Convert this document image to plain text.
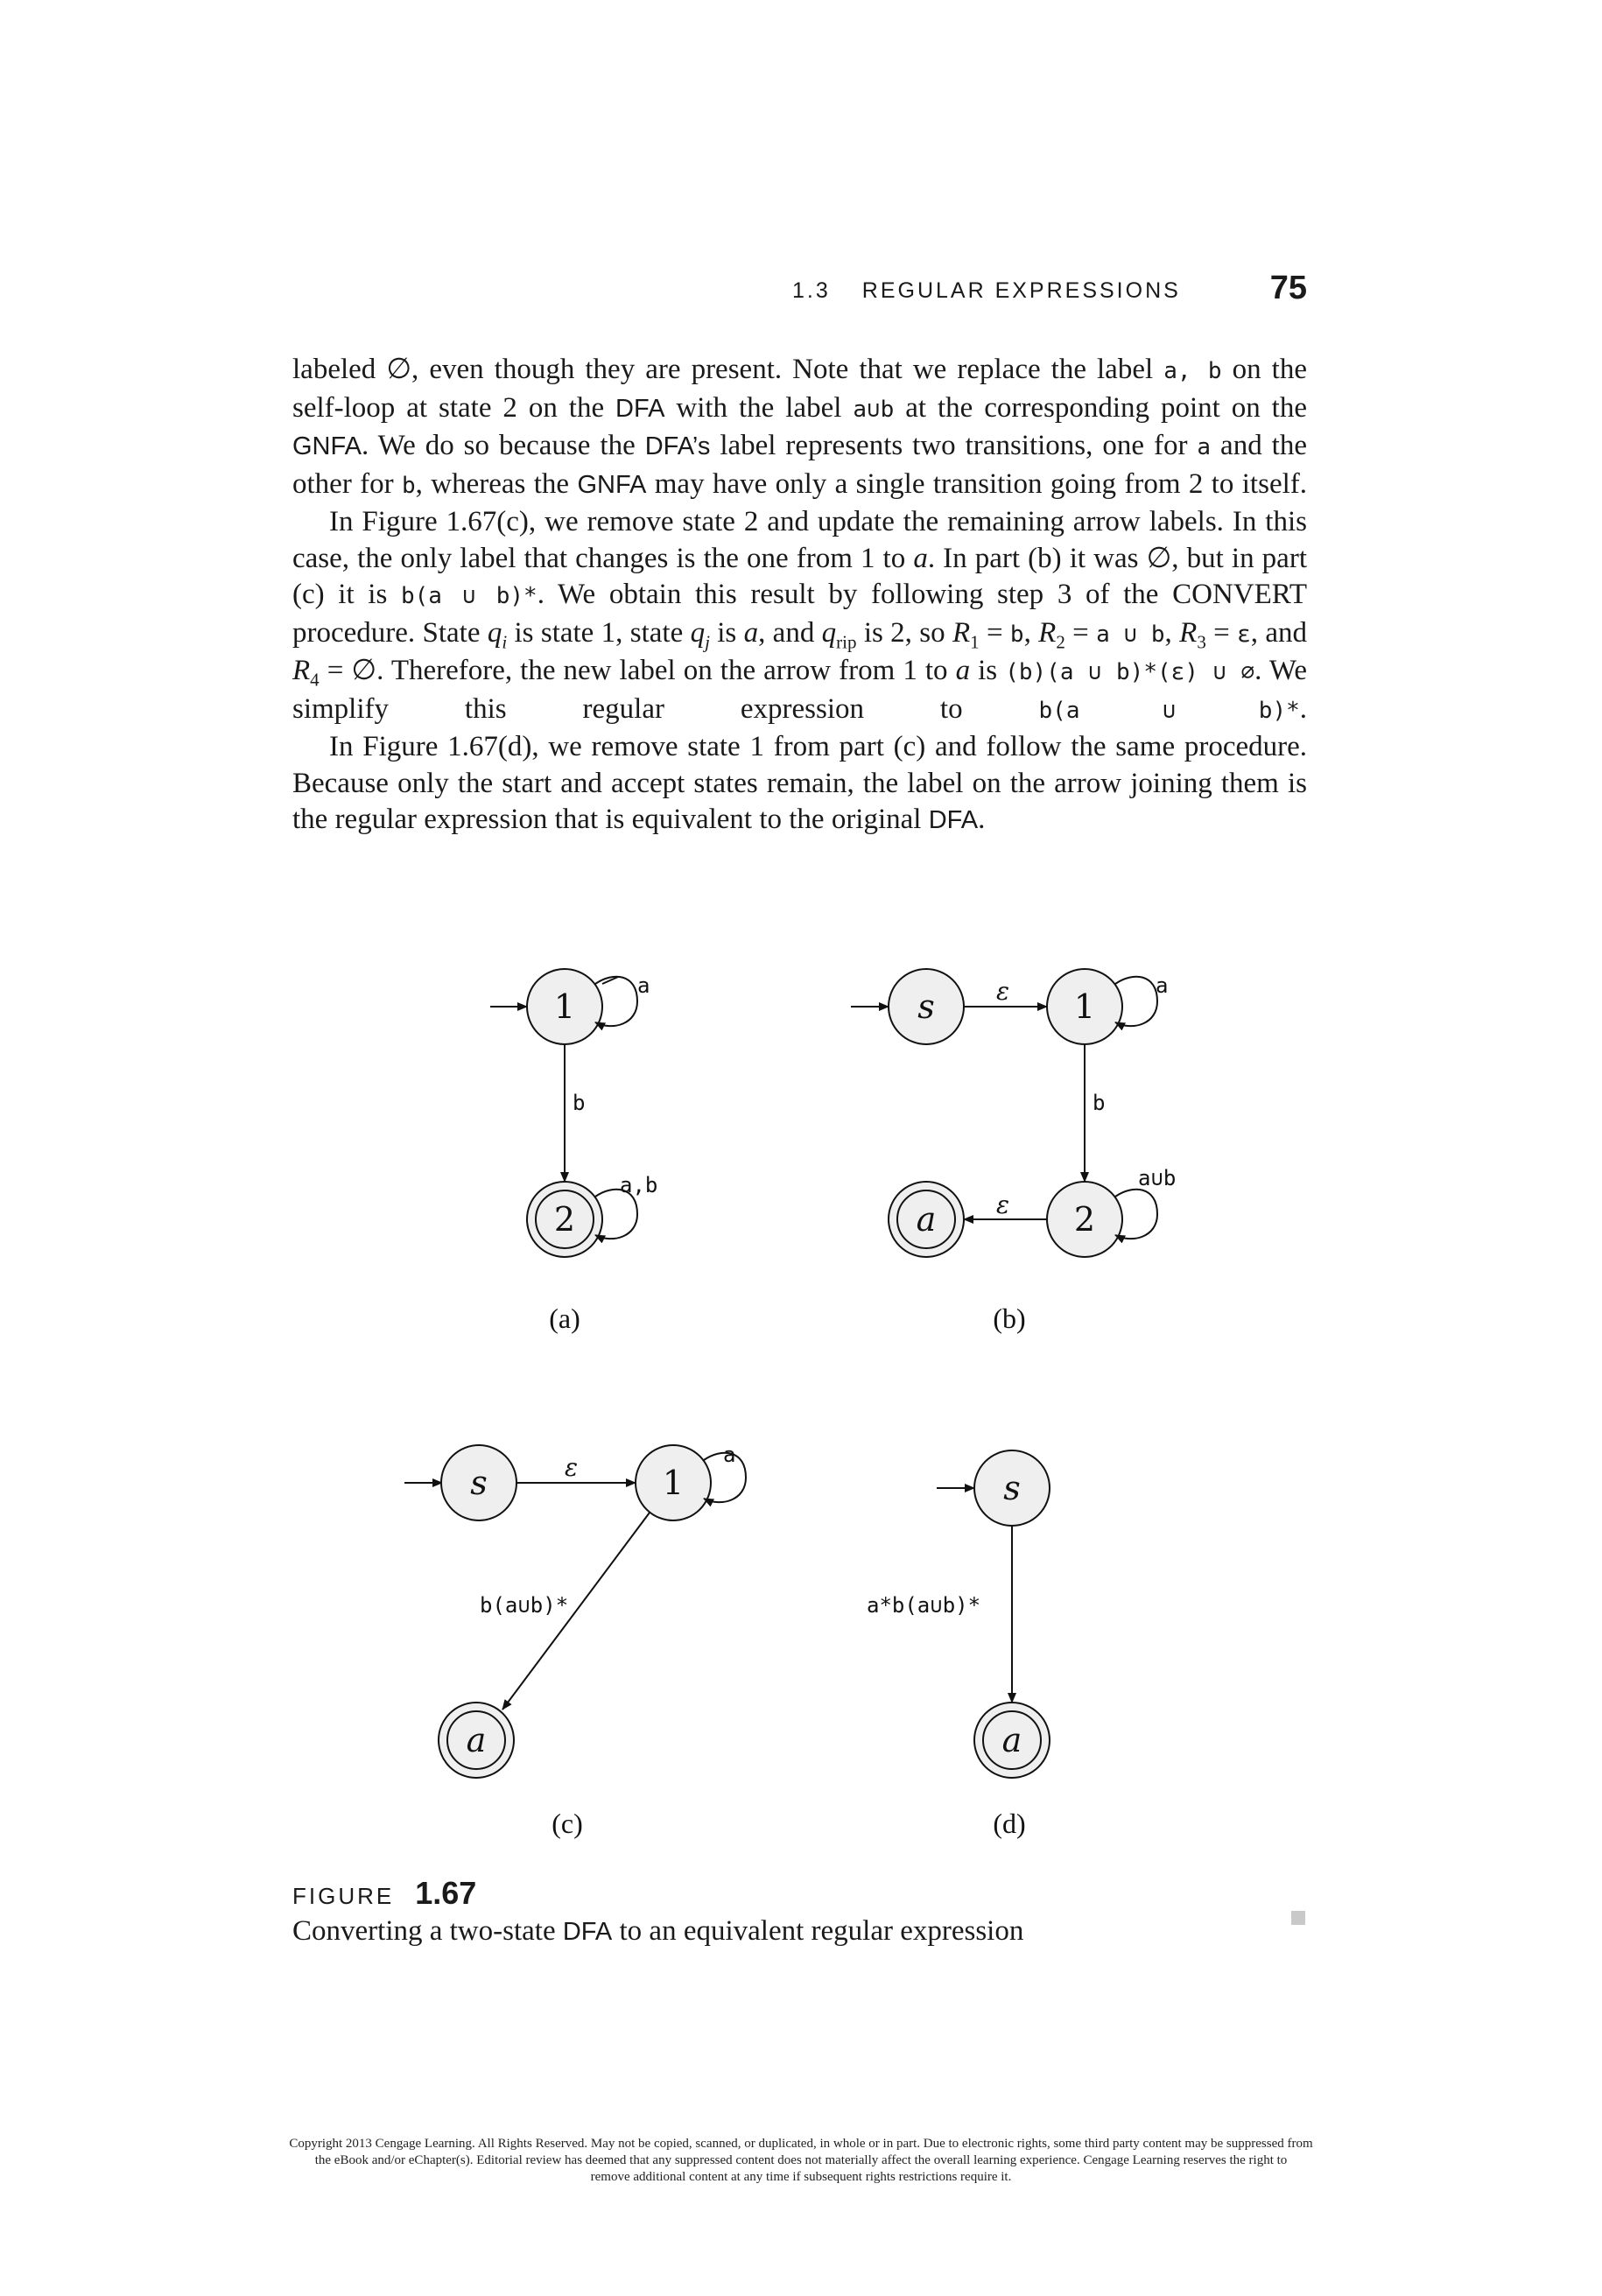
1.3 REGULAR EXPRESSIONS	75

labeled ∅, even though they are present. Note that we replace the label a, b on the self-loop at state 2 on the DFA with the label a∪b at the corresponding point on the GNFA. We do so because the DFA’s label represents two transitions, one for a and the other for b, whereas the GNFA may have only a single transition going from 2 to itself.

In Figure 1.67(c), we remove state 2 and update the remaining arrow labels. In this case, the only label that changes is the one from 1 to a. In part (b) it was ∅, but in part (c) it is b(a ∪ b)*. We obtain this result by following step 3 of the CONVERT procedure. State $q_i$ is state 1, state $q_j$ is a, and $q_{rip}$ is 2, so $R_1 = b$, $R_2 = a$ ∪ b, $R_3 = \varepsilon$, and $R_4$ = ∅. Therefore, the new label on the arrow from 1 to a is (b)(a ∪ b)*(ε) ∪ ∅. We simplify this regular expression to b(a ∪ b)*.

In Figure 1.67(d), we remove state 1 from part (c) and follow the same procedure. Because only the start and accept states remain, the label on the arrow joining them is the regular expression that is equivalent to the original DFA.

1
a
b
2
a,b
(a)
s	ε 1
a
b
2
a∪b
ε
a
(b)
s	ε	1
a
b(a∪b)*
a
(c)
s
a*b(a∪b)*
a
(d)
FIGURE 1.67
Converting a two-state DFA to an equivalent regular expression
Copyright 2013 Cengage Learning. All Rights Reserved. May not be copied, scanned, or duplicated, in whole or in part. Due to electronic rights, some third party content may be suppressed from
the eBook and/or eChapter(s). Editorial review has deemed that any suppressed content does not materially affect the overall learning experience. Cengage Learning reserves the right to
remove additional content at any time if subsequent rights restrictions require it.
